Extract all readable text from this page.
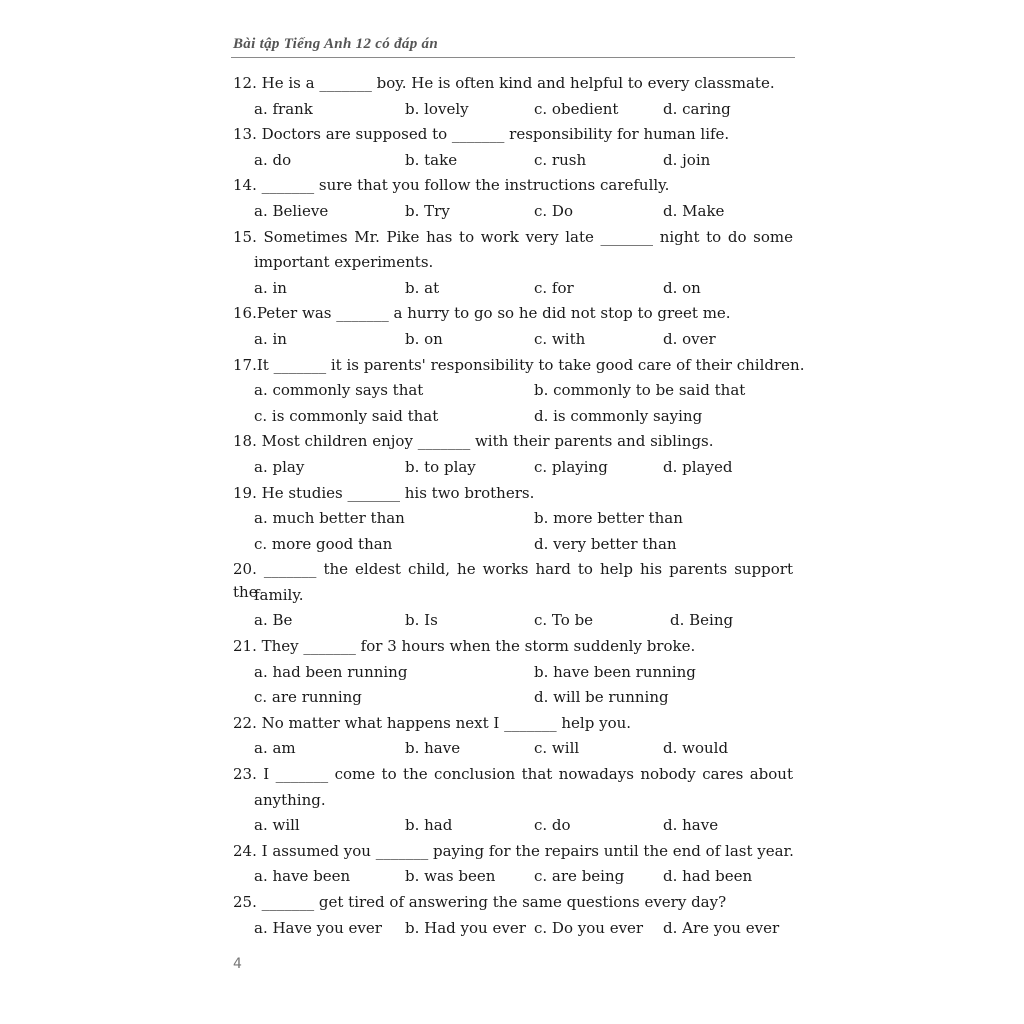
Bài tập Tiếng Anh 12 có đáp án
12. He is a _______ boy. He is often kind and helpful to every classmate.
a. frank	b. lovely	c. obedient	d. caring
13. Doctors are supposed to _______ responsibility for human life.
a. do	b. take	c. rush	d. join
14. _______ sure that you follow the instructions carefully.
a. Believe	b. Try	c. Do	d. Make
15. Sometimes Mr. Pike has to work very late _______ night to do some
important experiments.
a. in	b. at	c. for	d. on
16.Peter was _______ a hurry to go so he did not stop to greet me.
a. in	b. on	c. with	d. over
17.It _______ it is parents' responsibility to take good care of their children.
a. commonly says that	b. commonly to be said that
c. is commonly said that	d. is commonly saying
18. Most children enjoy _______ with their parents and siblings.
a. play	b. to play	c. playing	d. played
19. He studies _______ his two brothers.
a. much better than	b. more better than
c. more good than	d. very better than
20. _______ the eldest child, he works hard to help his parents support the
family.
a. Be	b. Is	c. To be	d. Being
21. They _______ for 3 hours when the storm suddenly broke.
a. had been running	b. have been running
c. are running	d. will be running
22. No matter what happens next I _______ help you.
a. am	b. have	c. will	d. would
23. I _______ come to the conclusion that nowadays nobody cares about
anything.
a. will	b. had	c. do	d. have
24. I assumed you _______ paying for the repairs until the end of last year.
a. have been	b. was been	c. are being	d. had been
25. _______ get tired of answering the same questions every day?
a. Have you ever b. Had you ever c. Do you ever d. Are you ever
4
